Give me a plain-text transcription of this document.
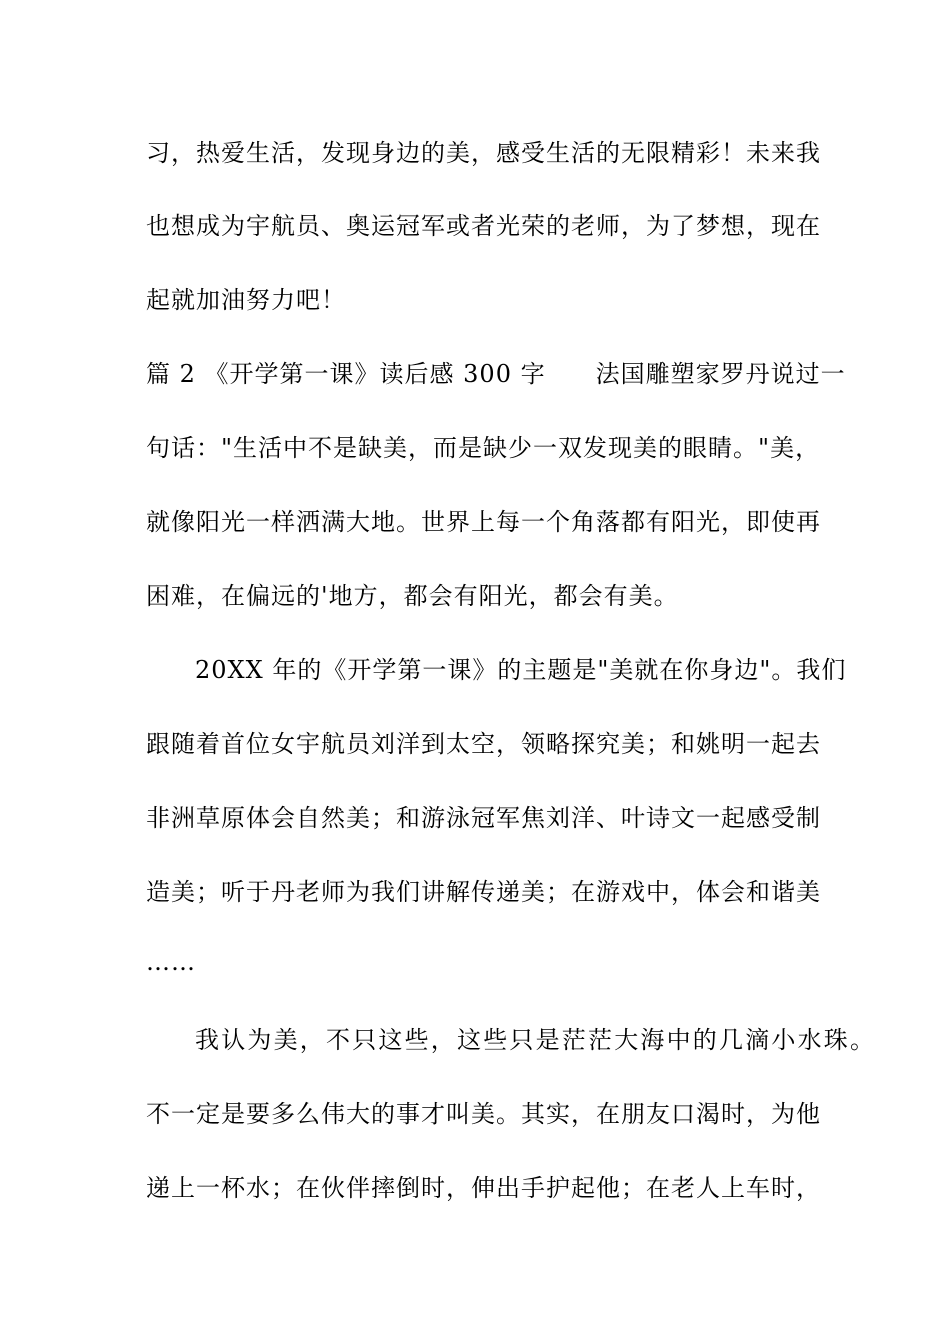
习，热爱生活，发现身边的美，感受生活的无限精彩！未来我
也想成为宇航员、奥运冠军或者光荣的老师，为了梦想，现在
起就加油努力吧！
篇 2 《开学第一课》读后感 300 字　　法国雕塑家罗丹说过一
句话："生活中不是缺美，而是缺少一双发现美的眼睛。"美，
就像阳光一样洒满大地。世界上每一个角落都有阳光，即使再
困难，在偏远的'地方，都会有阳光，都会有美。
20XX 年的《开学第一课》的主题是"美就在你身边"。我们
跟随着首位女宇航员刘洋到太空，领略探究美；和姚明一起去
非洲草原体会自然美；和游泳冠军焦刘洋、叶诗文一起感受制
造美；听于丹老师为我们讲解传递美；在游戏中，体会和谐美
……
我认为美，不只这些，这些只是茫茫大海中的几滴小水珠。
不一定是要多么伟大的事才叫美。其实，在朋友口渴时，为他
递上一杯水；在伙伴摔倒时，伸出手护起他；在老人上车时，
